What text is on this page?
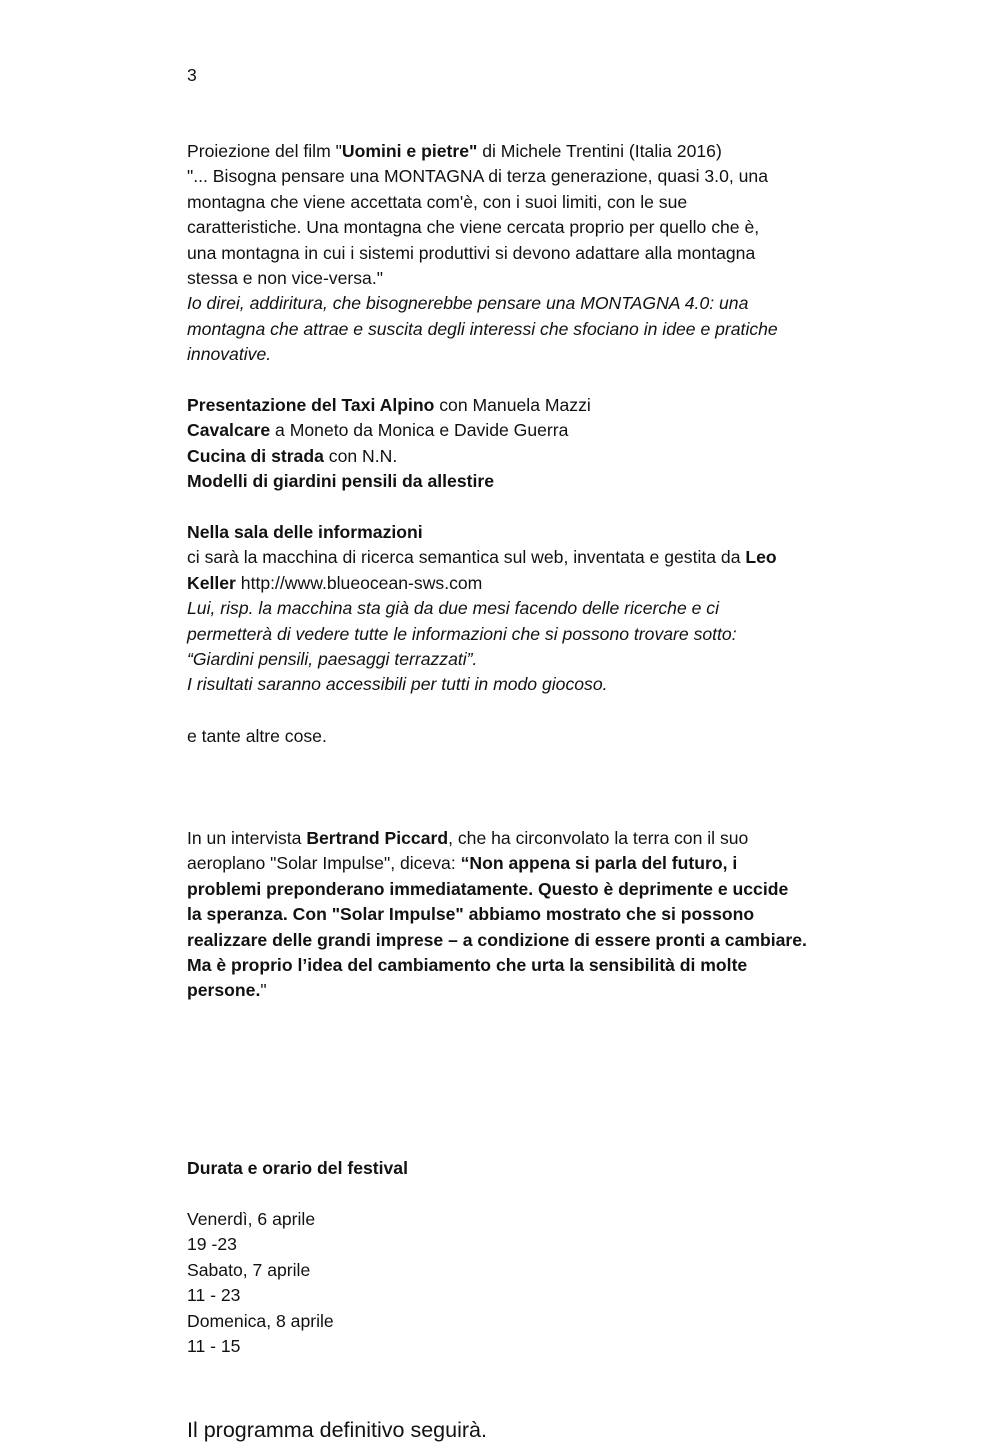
3
Proiezione del film "Uomini e pietre" di Michele Trentini (Italia 2016)
"... Bisogna pensare una MONTAGNA di terza generazione, quasi 3.0, una
montagna che viene accettata com'è, con i suoi limiti, con le sue
caratteristiche. Una montagna che viene cercata proprio per quello che è,
una montagna in cui i sistemi produttivi si devono adattare alla montagna
stessa e non vice-versa."
Io direi, addiritura, che bisognerebbe pensare una MONTAGNA 4.0: una
montagna che attrae e suscita degli interessi che sfociano in idee e pratiche
innovative.
Presentazione del Taxi Alpino con Manuela Mazzi
Cavalcare a Moneto da Monica e Davide Guerra
Cucina di strada con N.N.
Modelli di giardini pensili da allestire
Nella sala delle informazioni
ci sarà la macchina di ricerca semantica sul web, inventata e gestita da Leo
Keller http://www.blueocean-sws.com
Lui, risp. la macchina sta già da due mesi facendo delle ricerche e ci
permetterà di vedere tutte le informazioni che si possono trovare sotto:
“Giardini pensili, paesaggi terrazzati”.
I risultati saranno accessibili per tutti in modo giocoso.
e tante altre cose.
In un intervista Bertrand Piccard, che ha circonvolato la terra con il suo
aeroplano "Solar Impulse", diceva: “Non appena si parla del futuro, i
problemi preponderano immediatamente. Questo è deprimente e uccide
la speranza. Con "Solar Impulse" abbiamo mostrato che si possono
realizzare delle grandi imprese – a condizione di essere pronti a cambiare.
Ma è proprio l’idea del cambiamento che urta la sensibilità di molte
persone."
Durata e orario del festival
Venerdì, 6 aprile
19 -23
Sabato, 7 aprile
11 - 23
Domenica, 8 aprile
11 - 15
Il programma definitivo seguirà.
